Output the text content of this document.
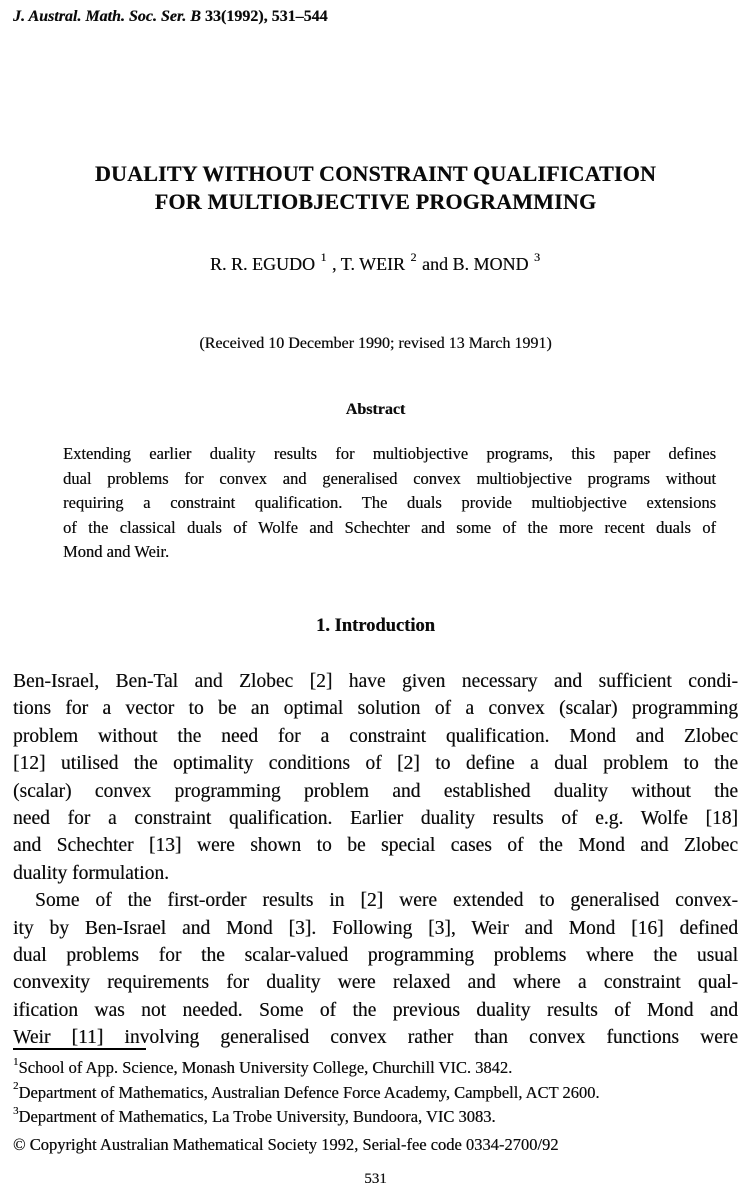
J. Austral. Math. Soc. Ser. B 33(1992), 531–544
DUALITY WITHOUT CONSTRAINT QUALIFICATION
FOR MULTIOBJECTIVE PROGRAMMING
R. R. EGUDO $^1$ , T. WEIR $^2$ and B. MOND $^3$
(Received 10 December 1990; revised 13 March 1991)
Abstract
Extending earlier duality results for multiobjective programs, this paper defines
dual problems for convex and generalised convex multiobjective programs without
requiring a constraint qualification. The duals provide multiobjective extensions
of the classical duals of Wolfe and Schechter and some of the more recent duals of
Mond and Weir.
1. Introduction
Ben-Israel, Ben-Tal and Zlobec [2] have given necessary and sufficient condi-
tions for a vector to be an optimal solution of a convex (scalar) programming
problem without the need for a constraint qualification. Mond and Zlobec
[12] utilised the optimality conditions of [2] to define a dual problem to the
(scalar) convex programming problem and established duality without the
need for a constraint qualification. Earlier duality results of e.g. Wolfe [18]
and Schechter [13] were shown to be special cases of the Mond and Zlobec
duality formulation.
Some of the first-order results in [2] were extended to generalised convex-
ity by Ben-Israel and Mond [3]. Following [3], Weir and Mond [16] defined
dual problems for the scalar-valued programming problems where the usual
convexity requirements for duality were relaxed and where a constraint qual-
ification was not needed. Some of the previous duality results of Mond and
Weir [11] involving generalised convex rather than convex functions were
$^1$School of App. Science, Monash University College, Churchill VIC. 3842.
$^2$Department of Mathematics, Australian Defence Force Academy, Campbell, ACT 2600.
$^3$Department of Mathematics, La Trobe University, Bundoora, VIC 3083.
© Copyright Australian Mathematical Society 1992, Serial-fee code 0334-2700/92
531
